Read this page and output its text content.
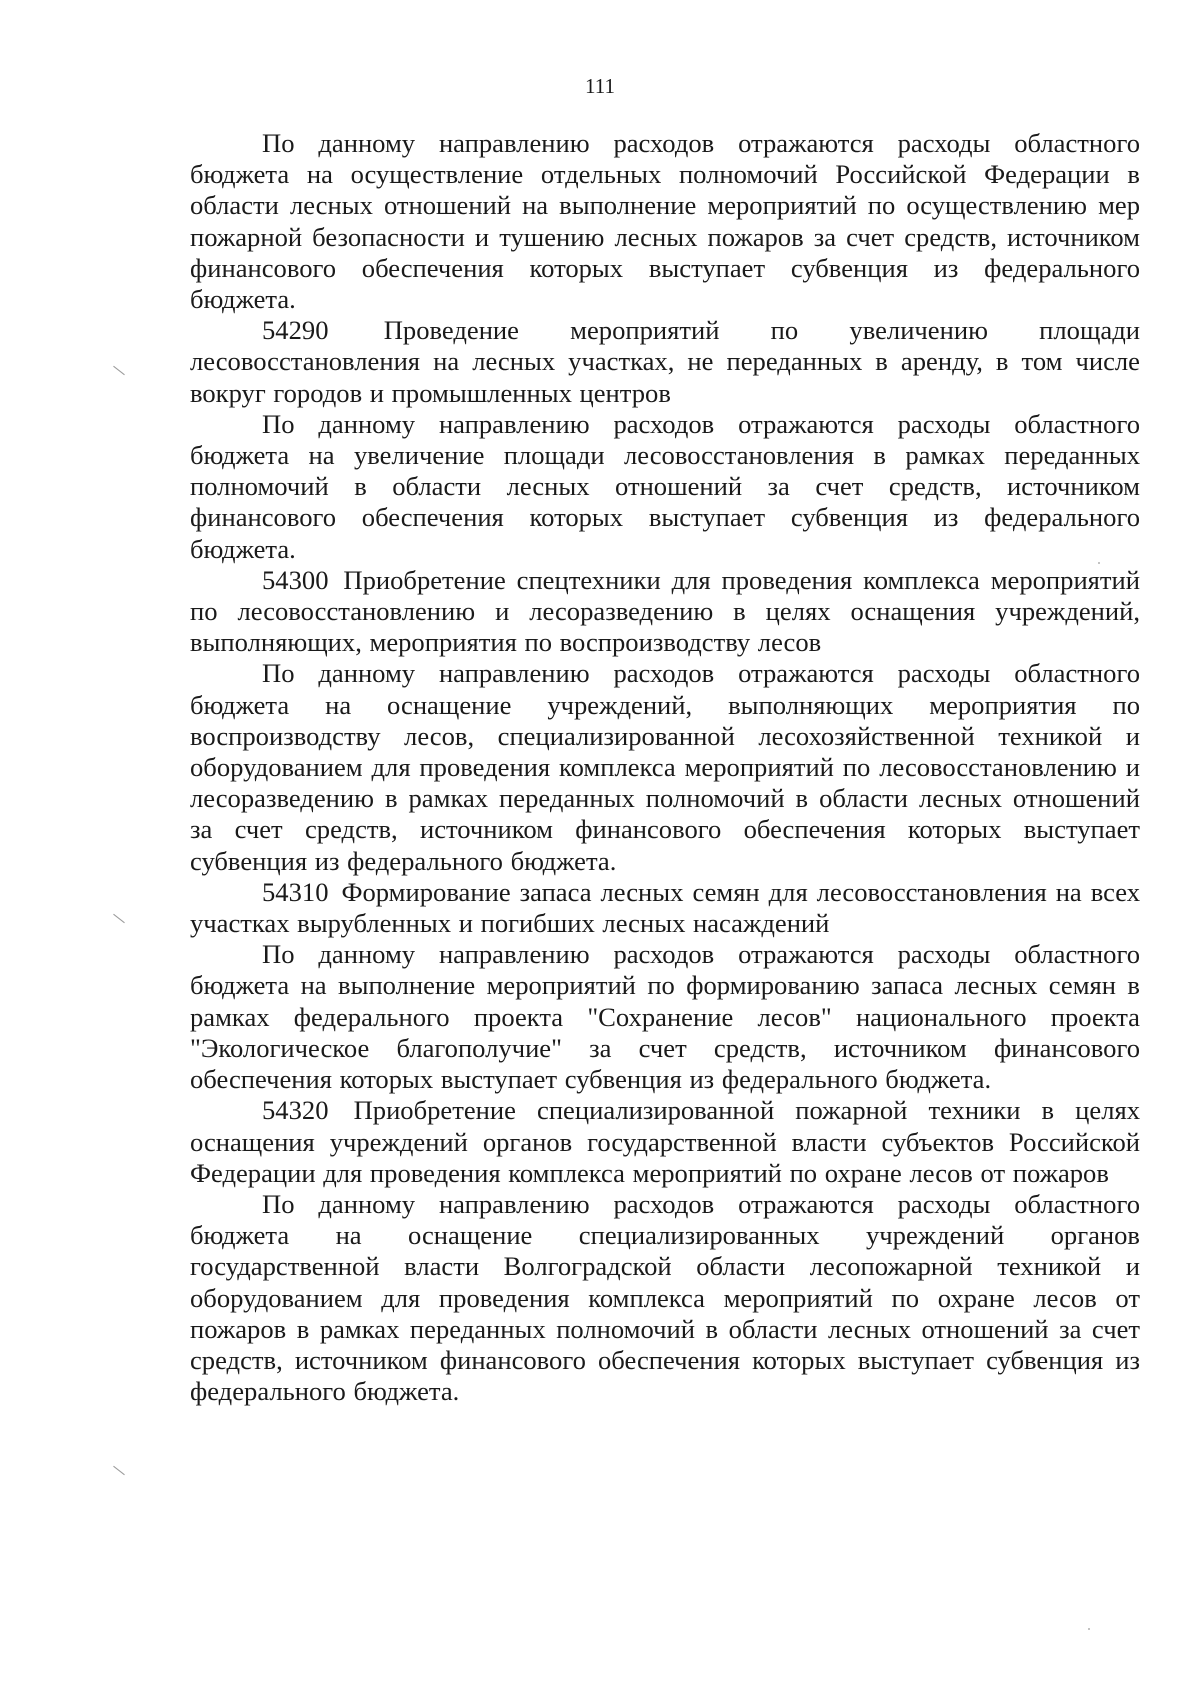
111

По данному направлению расходов отражаются расходы областного бюджета на осуществление отдельных полномочий Российской Федерации в области лесных отношений на выполнение мероприятий по осуществлению мер пожарной безопасности и тушению лесных пожаров за счет средств, источником финансового обеспечения которых выступает субвенция из федерального бюджета.

54290 Проведение мероприятий по увеличению площади лесовосстановления на лесных участках, не переданных в аренду, в том числе вокруг городов и промышленных центров

По данному направлению расходов отражаются расходы областного бюджета на увеличение площади лесовосстановления в рамках переданных полномочий в области лесных отношений за счет средств, источником финансового обеспечения которых выступает субвенция из федерального бюджета.

54300 Приобретение спецтехники для проведения комплекса мероприятий по лесовосстановлению и лесоразведению в целях оснащения учреждений, выполняющих, мероприятия по воспроизводству лесов

По данному направлению расходов отражаются расходы областного бюджета на оснащение учреждений, выполняющих мероприятия по воспроизводству лесов, специализированной лесохозяйственной техникой и оборудованием для проведения комплекса мероприятий по лесовосстановлению и лесоразведению в рамках переданных полномочий в области лесных отношений за счет средств, источником финансового обеспечения которых выступает субвенция из федерального бюджета.

54310 Формирование запаса лесных семян для лесовосстановления на всех участках вырубленных и погибших лесных насаждений

По данному направлению расходов отражаются расходы областного бюджета на выполнение мероприятий по формированию запаса лесных семян в рамках федерального проекта "Сохранение лесов" национального проекта "Экологическое благополучие" за счет средств, источником финансового обеспечения которых выступает субвенция из федерального бюджета.

54320 Приобретение специализированной пожарной техники в целях оснащения учреждений органов государственной власти субъектов Российской Федерации для проведения комплекса мероприятий по охране лесов от пожаров

По данному направлению расходов отражаются расходы областного бюджета на оснащение специализированных учреждений органов государственной власти Волгоградской области лесопожарной техникой и оборудованием для проведения комплекса мероприятий по охране лесов от пожаров в рамках переданных полномочий в области лесных отношений за счет средств, источником финансового обеспечения которых выступает субвенция из федерального бюджета.
